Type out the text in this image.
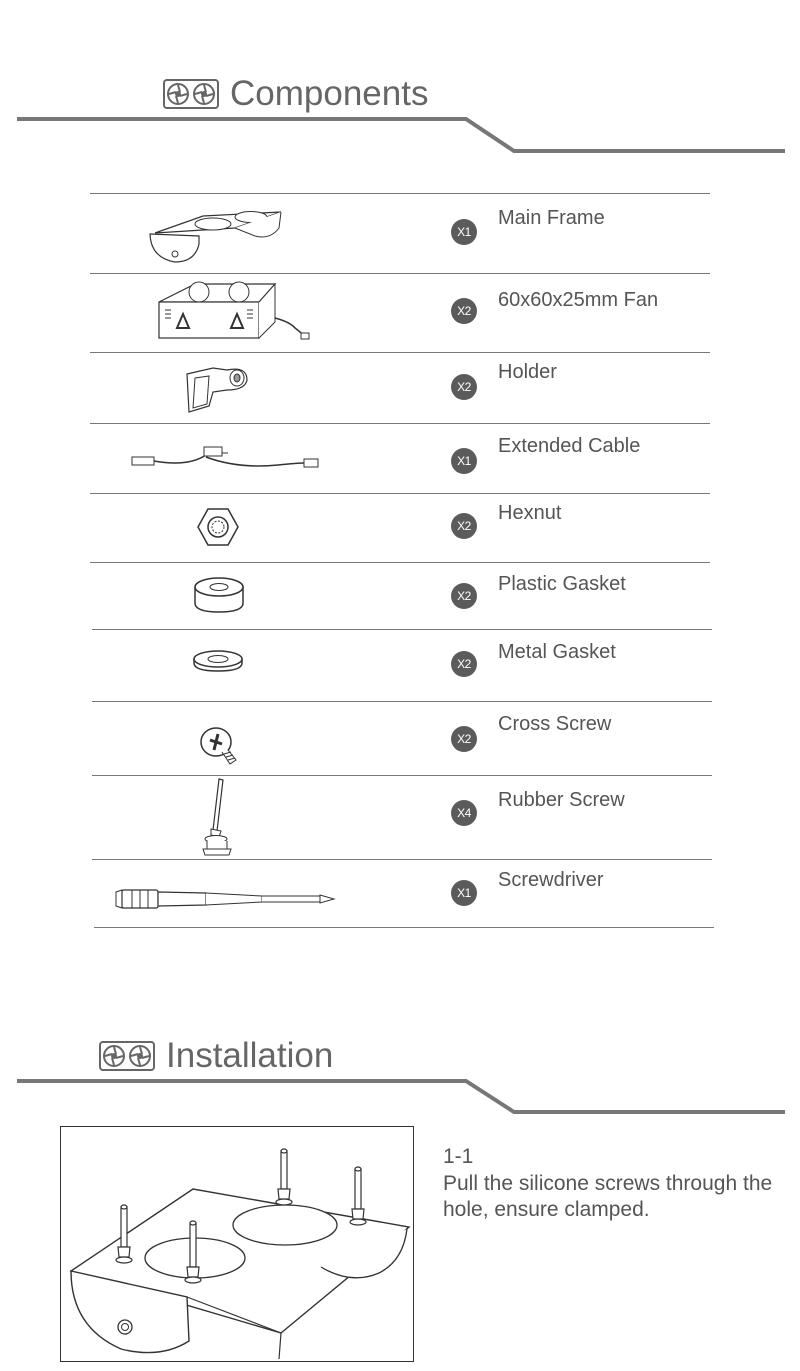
Components
X1
Main Frame
X2	60x60x25mm Fan
X2
Holder
X1
Extended Cable
X2
Hexnut
X2
Plastic Gasket
X2
Metal Gasket
X2
Cross Screw
X4
Rubber Screw
X1
Screwdriver
Installation
1-1
Pull the silicone screws through the hole, ensure clamped.
